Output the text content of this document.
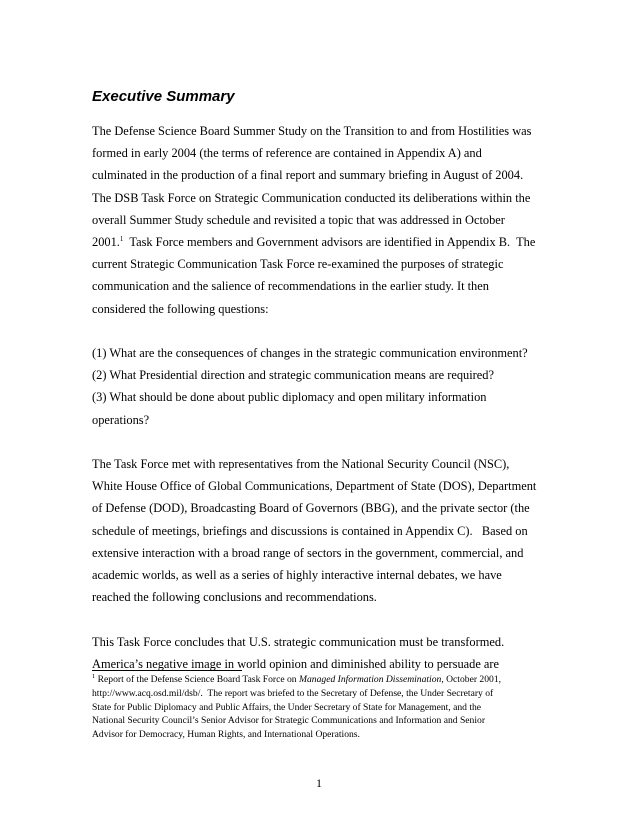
Executive Summary

The Defense Science Board Summer Study on the Transition to and from Hostilities was
formed in early 2004 (the terms of reference are contained in Appendix A) and
culminated in the production of a final report and summary briefing in August of 2004.
The DSB Task Force on Strategic Communication conducted its deliberations within the
overall Summer Study schedule and revisited a topic that was addressed in October
2001.$^1$  Task Force members and Government advisors are identified in Appendix B.  The
current Strategic Communication Task Force re-examined the purposes of strategic
communication and the salience of recommendations in the earlier study. It then
considered the following questions:

(1) What are the consequences of changes in the strategic communication environment?
(2) What Presidential direction and strategic communication means are required?
(3) What should be done about public diplomacy and open military information
operations?

The Task Force met with representatives from the National Security Council (NSC),
White House Office of Global Communications, Department of State (DOS), Department
of Defense (DOD), Broadcasting Board of Governors (BBG), and the private sector (the
schedule of meetings, briefings and discussions is contained in Appendix C).   Based on
extensive interaction with a broad range of sectors in the government, commercial, and
academic worlds, as well as a series of highly interactive internal debates, we have
reached the following conclusions and recommendations.

This Task Force concludes that U.S. strategic communication must be transformed.
America’s negative image in world opinion and diminished ability to persuade are

$^1$ Report of the Defense Science Board Task Force on Managed Information Dissemination, October 2001,
http://www.acq.osd.mil/dsb/.  The report was briefed to the Secretary of Defense, the Under Secretary of
State for Public Diplomacy and Public Affairs, the Under Secretary of State for Management, and the
National Security Council’s Senior Advisor for Strategic Communications and Information and Senior
Advisor for Democracy, Human Rights, and International Operations.
1
